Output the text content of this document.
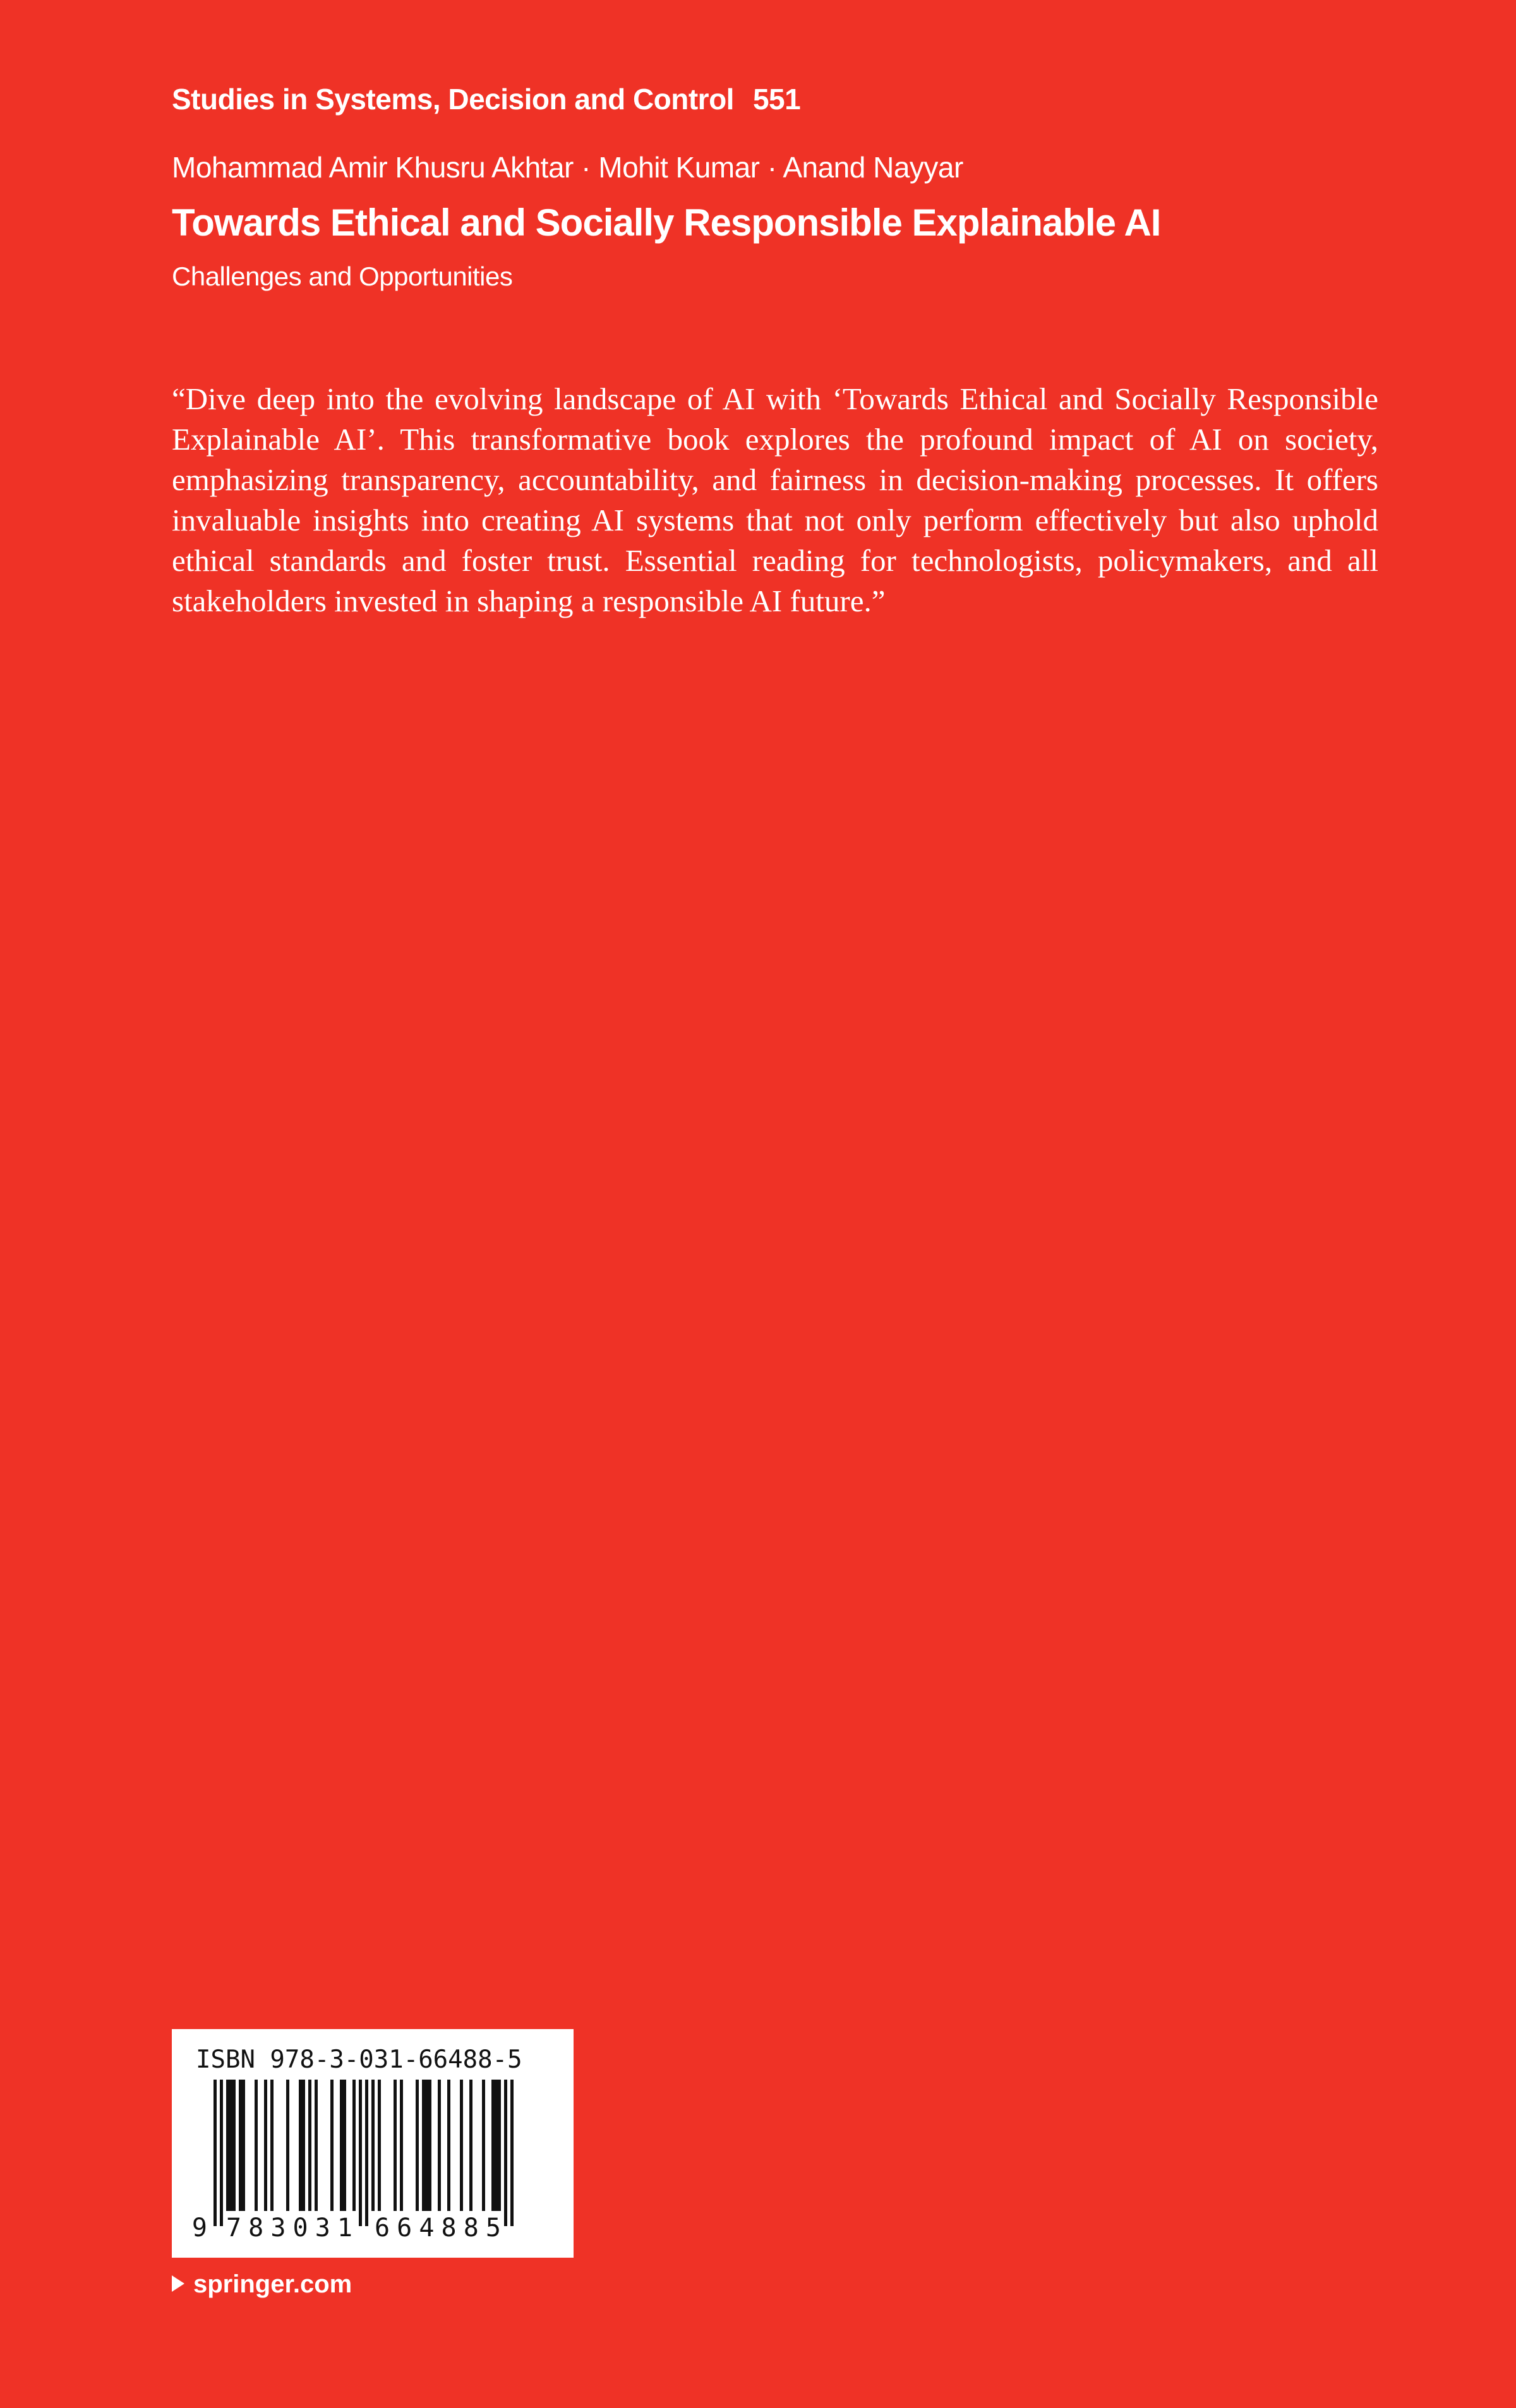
Studies in Systems, Decision and Control 551
Mohammad Amir Khusru Akhtar · Mohit Kumar · Anand Nayyar
Towards Ethical and Socially Responsible Explainable AI
Challenges and Opportunities

“Dive deep into the evolving landscape of AI with ‘Towards Ethical and Socially Responsible Explainable AI’. This transformative book explores the profound impact of AI on society, emphasizing transparency, accountability, and fairness in decision-making processes. It offers invaluable insights into creating AI systems that not only perform effectively but also uphold ethical standards and foster trust. Essential reading for technologists, policymakers, and all stakeholders invested in shaping a responsible AI future.”

ISBN 978-3-031-66488-5
9 783031 664885
springer.com
